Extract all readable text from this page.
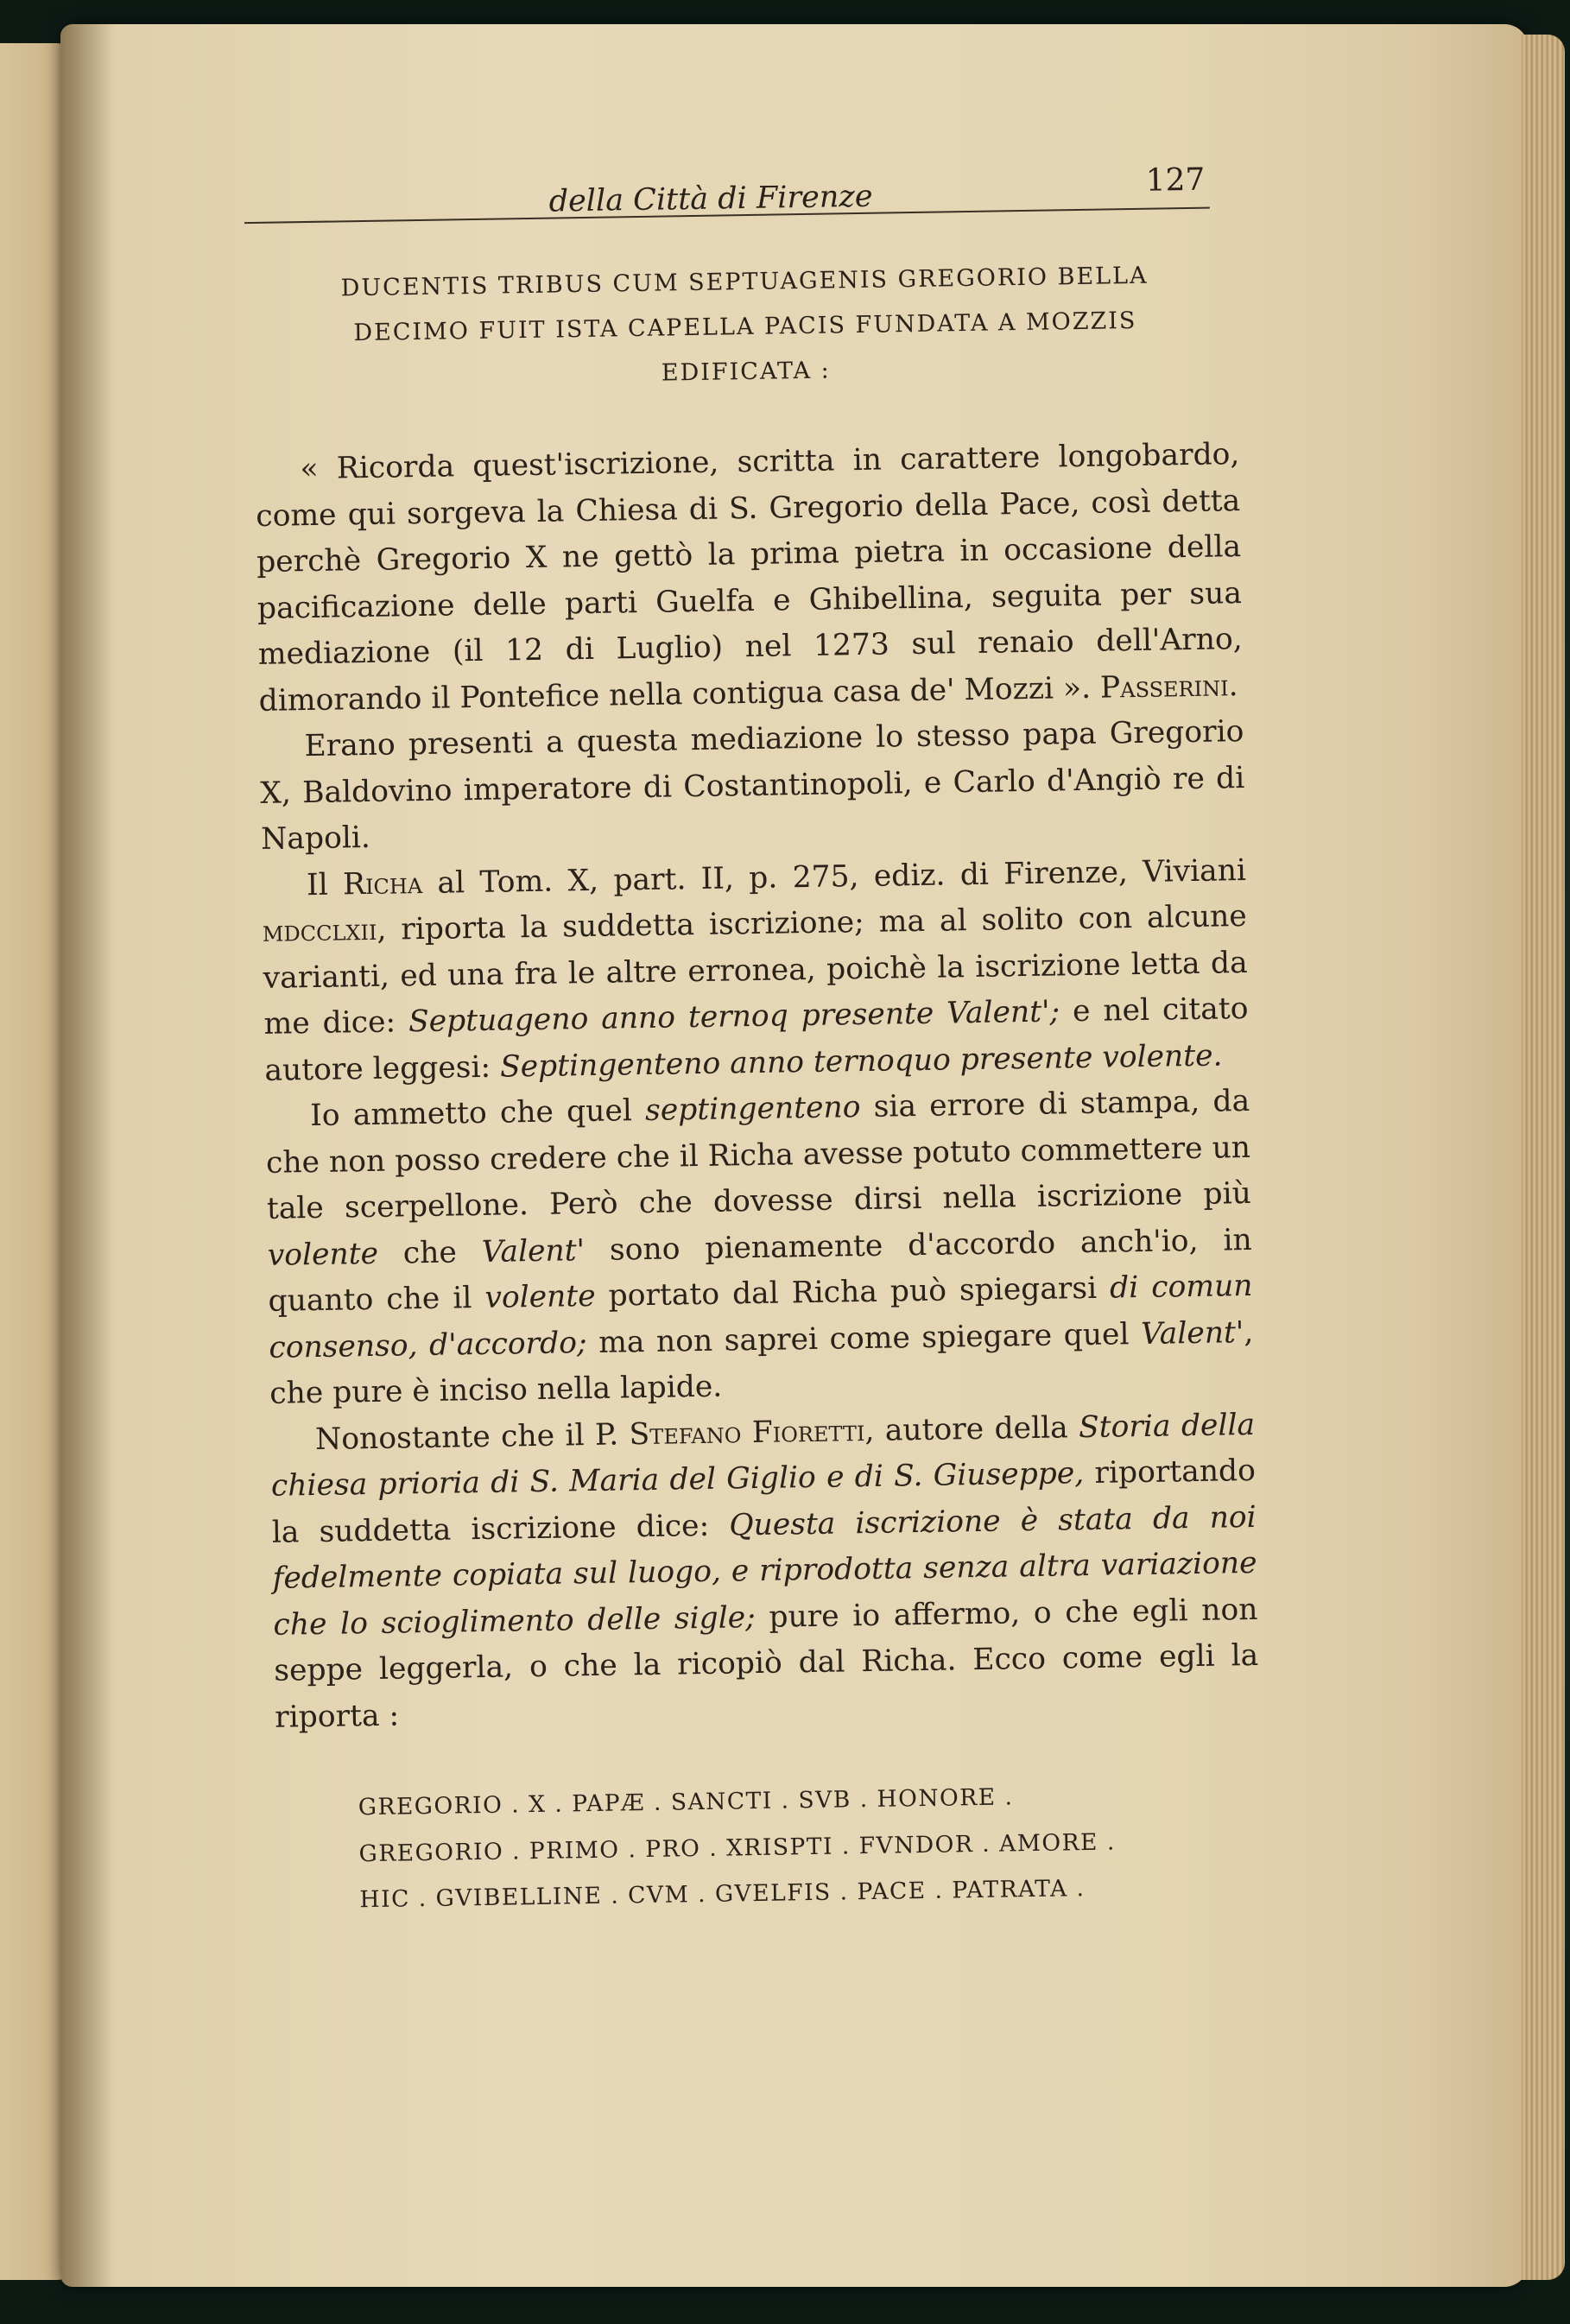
della Città di Firenze	127
DUCENTIS TRIBUS CUM SEPTUAGENIS GREGORIO BELLA
DECIMO FUIT ISTA CAPELLA PACIS FUNDATA A MOZZIS
EDIFICATA :

« Ricorda quest'iscrizione, scritta in carattere longobardo, come qui sorgeva la Chiesa di S. Gregorio della Pace, così detta perchè Gregorio X ne gettò la prima pietra in occasione della pacificazione delle parti Guelfa e Ghibellina, seguita per sua mediazione (il 12 di Luglio) nel 1273 sul renaio dell'Arno, dimorando il Pontefice nella contigua casa de' Mozzi ». Passerini.

Erano presenti a questa mediazione lo stesso papa Gregorio X, Baldovino imperatore di Costantinopoli, e Carlo d'Angiò re di Napoli.

Il Richa al Tom. X, part. II, p. 275, ediz. di Firenze, Viviani mdcclxii, riporta la suddetta iscrizione; ma al solito con alcune varianti, ed una fra le altre erronea, poichè la iscrizione letta da me dice: Septuageno anno ternoq presente Valent'; e nel citato autore leggesi: Septingenteno anno ternoquo presente volente.

Io ammetto che quel septingenteno sia errore di stampa, da che non posso credere che il Richa avesse potuto commettere un tale scerpellone. Però che dovesse dirsi nella iscrizione più volente che Valent' sono pienamente d'accordo anch'io, in quanto che il volente portato dal Richa può spiegarsi di comun consenso, d'accordo; ma non saprei come spiegare quel Valent', che pure è inciso nella lapide.

Nonostante che il P. Stefano Fioretti, autore della Storia della chiesa prioria di S. Maria del Giglio e di S. Giuseppe, riportando la suddetta iscrizione dice: Questa iscrizione è stata da noi fedelmente copiata sul luogo, e riprodotta senza altra variazione che lo scioglimento delle sigle; pure io affermo, o che egli non seppe leggerla, o che la ricopiò dal Richa. Ecco come egli la riporta :

GREGORIO . X . PAPÆ . SANCTI . SVB . HONORE .
GREGORIO . PRIMO . PRO . XRISPTI . FVNDOR . AMORE .
HIC . GVIBELLINE . CVM . GVELFIS . PACE . PATRATA .
